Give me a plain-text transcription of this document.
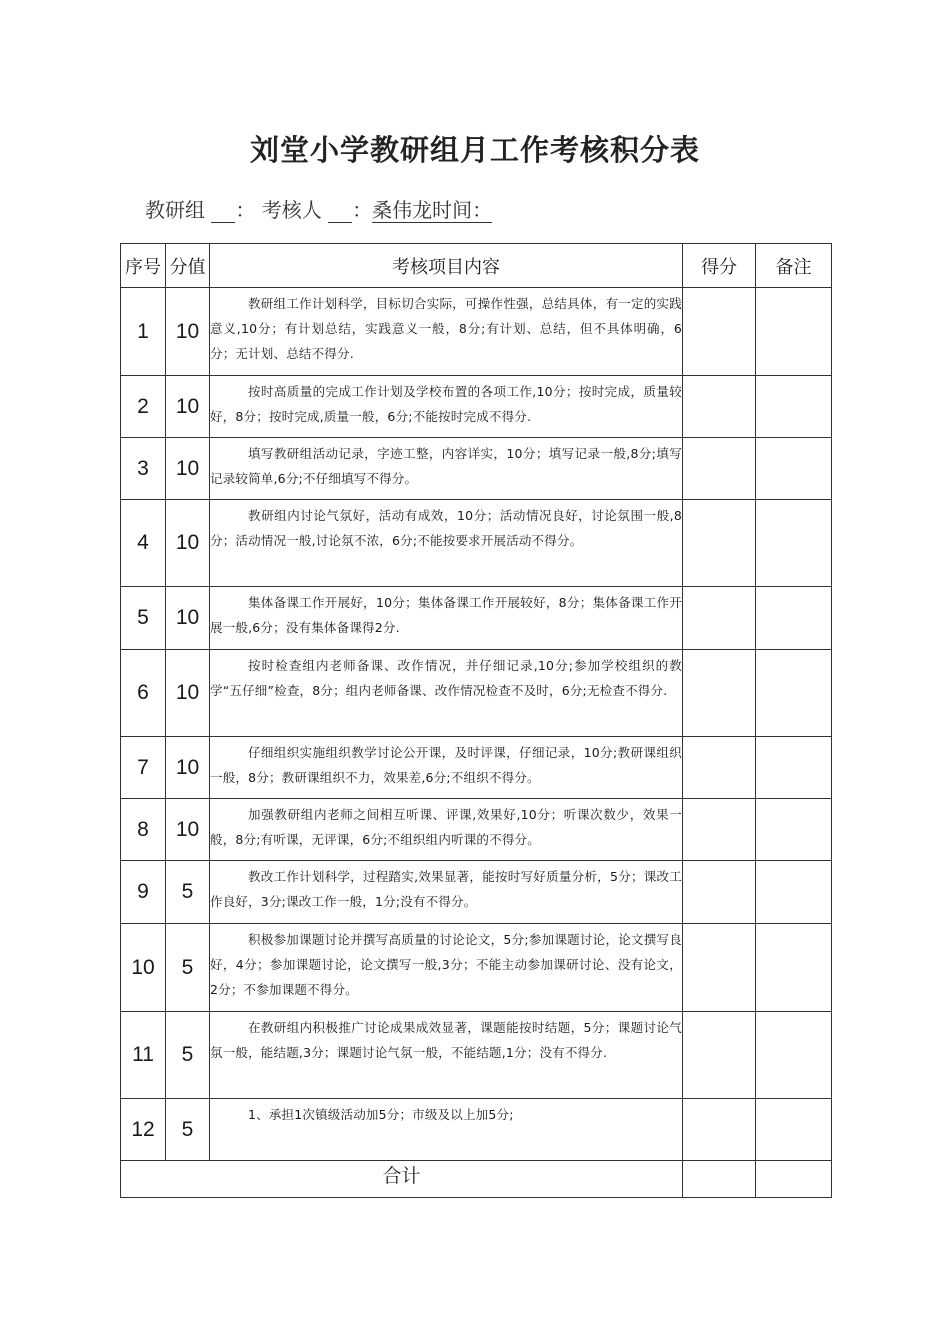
刘堂小学教研组月工作考核积分表
教研组 ： 考核人 ：桑伟龙时间：
序号	分值	考核项目内容	得分	备注
1	10	教研组工作计划科学，目标切合实际，可操作性强，总结具体，有一定的实践意义,10分；有计划总结，实践意义一般，8分;有计划、总结，但不具体明确，6分；无计划、总结不得分.		

2	10	按时高质量的完成工作计划及学校布置的各项工作,10分；按时完成，质量较好，8分；按时完成,质量一般，6分;不能按时完成不得分.		

3	10	填写教研组活动记录，字迹工整，内容详实，10分；填写记录一般,8分;填写记录较简单,6分;不仔细填写不得分。		

4	10	教研组内讨论气氛好，活动有成效，10分；活动情况良好，讨论氛围一般,8分；活动情况一般,讨论氛不浓，6分;不能按要求开展活动不得分。		

5	10	集体备课工作开展好，10分；集体备课工作开展较好，8分；集体备课工作开展一般,6分；没有集体备课得2分.		

6	10	按时检查组内老师备课、改作情况，并仔细记录,10分;参加学校组织的教学“五仔细”检查，8分；组内老师备课、改作情况检查不及时，6分;无检查不得分.		

7	10	仔细组织实施组织教学讨论公开课，及时评课，仔细记录，10分;教研课组织一般，8分；教研课组织不力，效果差,6分;不组织不得分。		

8	10	加强教研组内老师之间相互听课、评课,效果好,10分；听课次数少，效果一般，8分;有听课，无评课，6分;不组织组内听课的不得分。		

9	5	教改工作计划科学，过程踏实,效果显著，能按时写好质量分析，5分；课改工作良好，3分;课改工作一般，1分;没有不得分。		

10	5	积极参加课题讨论并撰写高质量的讨论论文，5分;参加课题讨论，论文撰写良好，4分；参加课题讨论，论文撰写一般,3分；不能主动参加课研讨论、没有论文，2分；不参加课题不得分。		

11	5	在教研组内积极推广讨论成果成效显著，课题能按时结题，5分；课题讨论气氛一般，能结题,3分；课题讨论气氛一般，不能结题,1分；没有不得分.		

12	5	1、承担1次镇级活动加5分；市级及以上加5分;		

合计				
